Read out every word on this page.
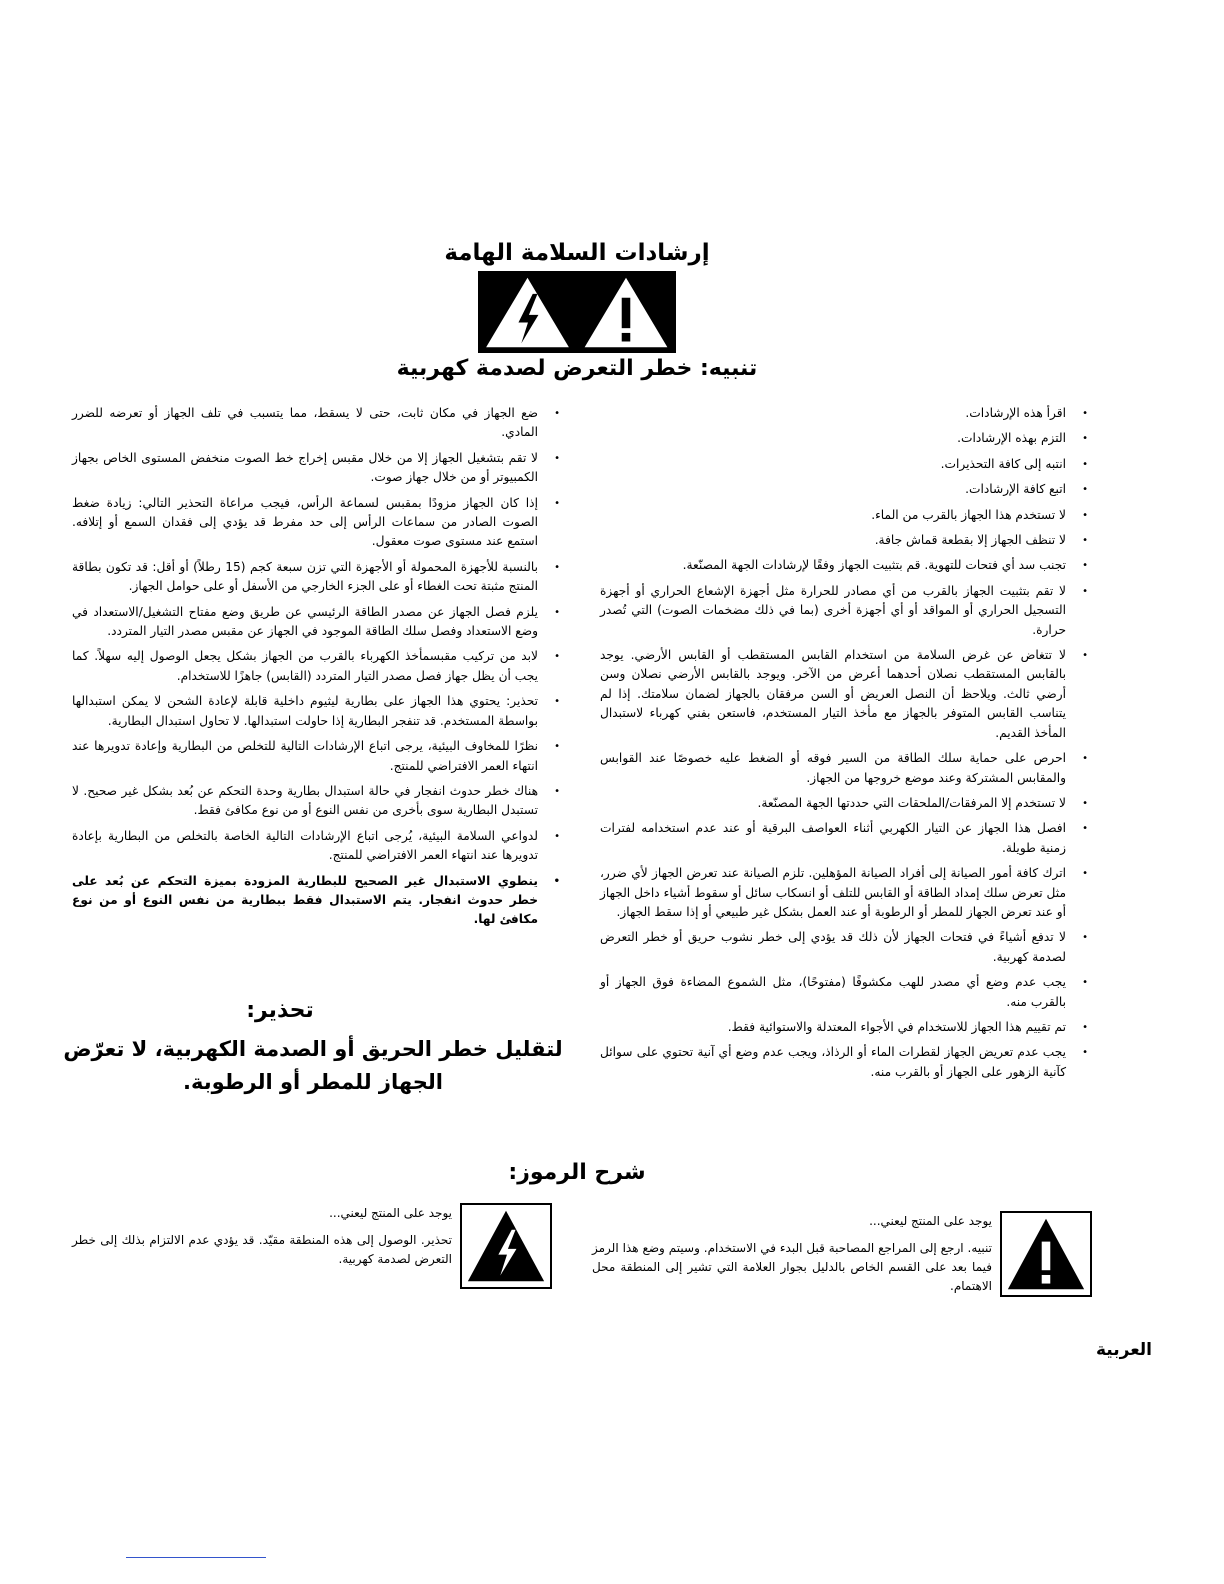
إرشادات السلامة الهامة
تنبيه: خطر التعرض لصدمة كهربية
• اقرأ هذه الإرشادات.
• التزم بهذه الإرشادات.
• انتبه إلى كافة التحذيرات.
• اتبع كافة الإرشادات.
• لا تستخدم هذا الجهاز بالقرب من الماء.
• لا تنظف الجهاز إلا بقطعة قماش جافة.
• تجنب سد أي فتحات للتهوية. قم بتثبيت الجهاز وفقًا لإرشادات الجهة المصنّعة.
• لا تقم بتثبيت الجهاز بالقرب من أي مصادر للحرارة مثل أجهزة الإشعاع الحراري أو أجهزة التسجيل الحراري أو المواقد أو أي أجهزة أخرى (بما في ذلك مضخمات الصوت) التي تُصدر حرارة.
• لا تتغاض عن غرض السلامة من استخدام القابس المستقطب أو القابس الأرضي. يوجد بالقابس المستقطب نصلان أحدهما أعرض من الآخر. ويوجد بالقابس الأرضي نصلان وسن أرضي ثالث. ويلاحظ أن النصل العريض أو السن مرفقان بالجهاز لضمان سلامتك. إذا لم يتناسب القابس المتوفر بالجهاز مع مأخذ التيار المستخدم، فاستعن بفني كهرباء لاستبدال المأخذ القديم.
• احرص على حماية سلك الطاقة من السير فوقه أو الضغط عليه خصوصًا عند القوابس والمقابس المشتركة وعند موضع خروجها من الجهاز.
• لا تستخدم إلا المرفقات/الملحقات التي حددتها الجهة المصنّعة.
• افصل هذا الجهاز عن التيار الكهربي أثناء العواصف البرقية أو عند عدم استخدامه لفترات زمنية طويلة.
• اترك كافة أمور الصيانة إلى أفراد الصيانة المؤهلين. تلزم الصيانة عند تعرض الجهاز لأي ضرر، مثل تعرض سلك إمداد الطاقة أو القابس للتلف أو انسكاب سائل أو سقوط أشياء داخل الجهاز أو عند تعرض الجهاز للمطر أو الرطوبة أو عند العمل بشكل غير طبيعي أو إذا سقط الجهاز.
• لا تدفع أشياءً في فتحات الجهاز لأن ذلك قد يؤدي إلى خطر نشوب حريق أو خطر التعرض لصدمة كهربية.
• يجب عدم وضع أي مصدر للهب مكشوفًا (مفتوحًا)، مثل الشموع المضاءة فوق الجهاز أو بالقرب منه.
• تم تقييم هذا الجهاز للاستخدام في الأجواء المعتدلة والاستوائية فقط.
• يجب عدم تعريض الجهاز لقطرات الماء أو الرذاذ، ويجب عدم وضع أي آنية تحتوي على سوائل كآنية الزهور على الجهاز أو بالقرب منه.
• ضع الجهاز في مكان ثابت، حتى لا يسقط، مما يتسبب في تلف الجهاز أو تعرضه للضرر المادي.
• لا تقم بتشغيل الجهاز إلا من خلال مقبس إخراج خط الصوت منخفض المستوى الخاص بجهاز الكمبيوتر أو من خلال جهاز صوت.
• إذا كان الجهاز مزودًا بمقبس لسماعة الرأس، فيجب مراعاة التحذير التالي: زيادة ضغط الصوت الصادر من سماعات الرأس إلى حد مفرط قد يؤدي إلى فقدان السمع أو إتلافه. استمع عند مستوى صوت معقول.
• بالنسبة للأجهزة المحمولة أو الأجهزة التي تزن سبعة كجم (15 رطلاً) أو أقل: قد تكون بطاقة المنتج مثبتة تحت الغطاء أو على الجزء الخارجي من الأسفل أو على حوامل الجهاز.
• يلزم فصل الجهاز عن مصدر الطاقة الرئيسي عن طريق وضع مفتاح التشغيل/الاستعداد في وضع الاستعداد وفصل سلك الطاقة الموجود في الجهاز عن مقبس مصدر التيار المتردد.
• لابد من تركيب مقبسمأخذ الكهرباء بالقرب من الجهاز بشكل يجعل الوصول إليه سهلاً. كما يجب أن يظل جهاز فصل مصدر التيار المتردد (القابس) جاهزًا للاستخدام.
• تحذير: يحتوي هذا الجهاز على بطارية ليثيوم داخلية قابلة لإعادة الشحن لا يمكن استبدالها بواسطة المستخدم. قد تنفجر البطارية إذا حاولت استبدالها. لا تحاول استبدال البطارية.
• نظرًا للمخاوف البيئية، يرجى اتباع الإرشادات التالية للتخلص من البطارية وإعادة تدويرها عند انتهاء العمر الافتراضي للمنتج.
• هناك خطر حدوث انفجار في حالة استبدال بطارية وحدة التحكم عن بُعد بشكل غير صحيح. لا تستبدل البطارية سوى بأخرى من نفس النوع أو من نوع مكافئ فقط.
• لدواعي السلامة البيئية، يُرجى اتباع الإرشادات التالية الخاصة بالتخلص من البطارية بإعادة تدويرها عند انتهاء العمر الافتراضي للمنتج.
• ينطوي الاستبدال غير الصحيح للبطارية المزودة بميزة التحكم عن بُعد على خطر حدوث انفجار. يتم الاستبدال فقط ببطارية من نفس النوع أو من نوع مكافئ لها.
تحذير:
لتقليل خطر الحريق أو الصدمة الكهربية، لا تعرّض الجهاز للمطر أو الرطوبة.
شرح الرموز:
يوجد على المنتج ليعني...
تنبيه. ارجع إلى المراجع المصاحبة قبل البدء في الاستخدام. وسيتم وضع هذا الرمز فيما بعد على القسم الخاص بالدليل بجوار العلامة التي تشير إلى المنطقة محل الاهتمام.
يوجد على المنتج ليعني...
تحذير. الوصول إلى هذه المنطقة مقيّد. قد يؤدي عدم الالتزام بذلك إلى خطر التعرض لصدمة كهربية.
العربية
